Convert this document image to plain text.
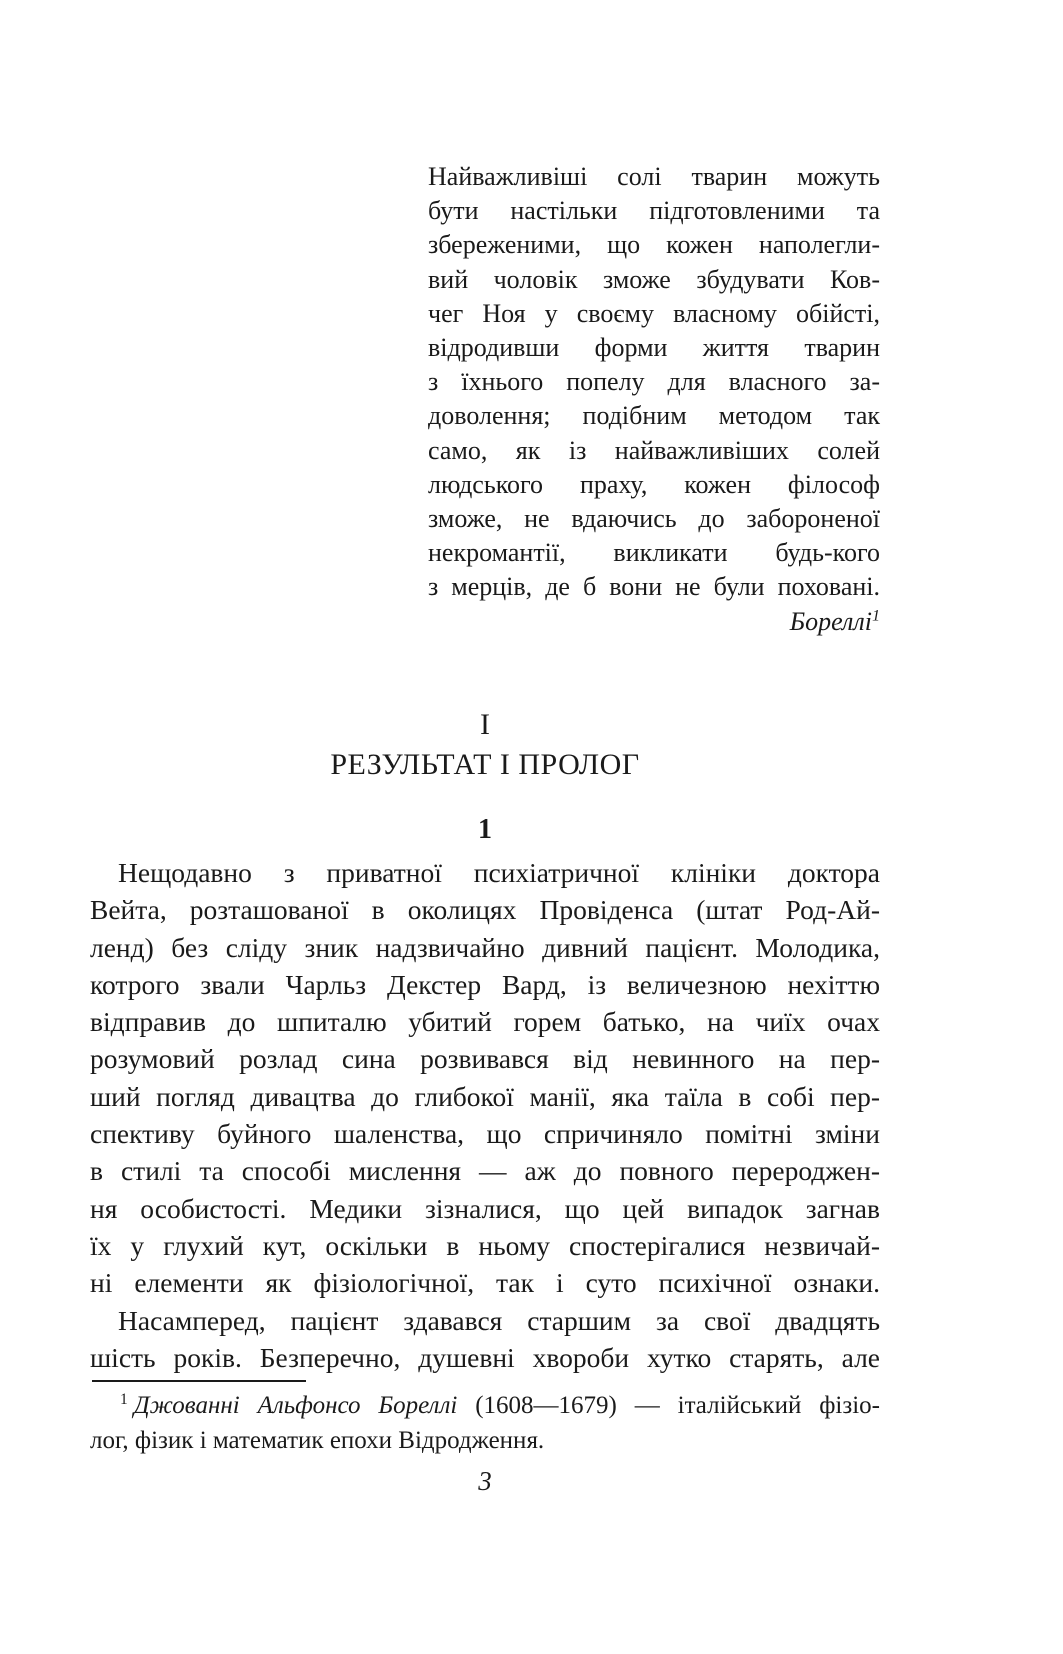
Найважливіші солі тварин можуть
бути настільки підготовленими та
збереженими, що кожен наполегли-
вий чоловік зможе збудувати Ков-
чег Ноя у своєму власному обійсті,
відродивши форми життя тварин
з їхнього попелу для власного за-
доволення; подібним методом так
само, як із найважливіших солей
людського праху, кожен філософ
зможе, не вдаючись до забороненої
некромантії, викликати будь-кого
з мерців, де б вони не були поховані.
Бореллі$^1$
І
РЕЗУЛЬТАТ І ПРОЛОГ
1
Нещодавно з приватної психіатричної клініки доктора
Вейта, розташованої в околицях Провіденса (штат Род-Ай-
ленд) без сліду зник надзвичайно дивний пацієнт. Молодика,
котрого звали Чарльз Декстер Вард, із величезною нехіттю
відправив до шпиталю убитий горем батько, на чиїх очах
розумовий розлад сина розвивався від невинного на пер-
ший погляд дивацтва до глибокої манії, яка таїла в собі пер-
спективу буйного шаленства, що спричиняло помітні зміни
в стилі та способі мислення — аж до повного перероджен-
ня особистості. Медики зізналися, що цей випадок загнав
їх у глухий кут, оскільки в ньому спостерігалися незвичай-
ні елементи як фізіологічної, так і суто психічної ознаки.
Насамперед, пацієнт здавався старшим за свої двадцять
шість років. Безперечно, душевні хвороби хутко старять, але
$^1$ Джованні Альфонсо Бореллі (1608—1679) — італійський фізіо-
лог, фізик і математик епохи Відродження.
3
